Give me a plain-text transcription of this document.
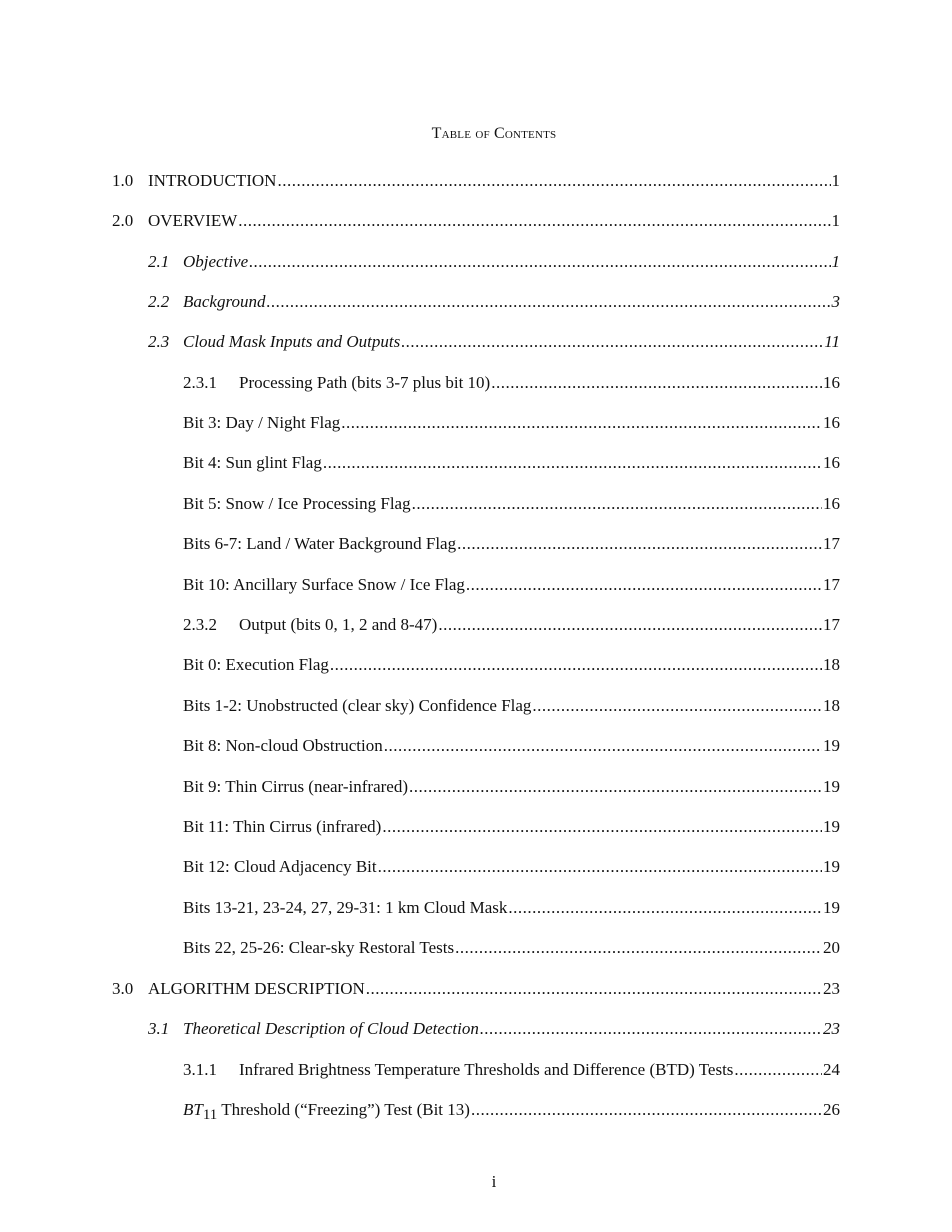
Table of Contents
1.0 INTRODUCTION .....	1
2.0 OVERVIEW .....	1
2.1 Objective .....	1
2.2 Background .....	3
2.3 Cloud Mask Inputs and Outputs .....	11
2.3.1	Processing Path (bits 3-7 plus bit 10) .....	16
Bit 3: Day / Night Flag .....	16
Bit 4: Sun glint Flag .....	16
Bit 5: Snow / Ice Processing Flag .....	16
Bits 6-7: Land / Water Background Flag .....	17
Bit 10: Ancillary Surface Snow / Ice Flag .....	17
2.3.2	Output (bits 0, 1, 2 and 8-47) .....	17
Bit 0: Execution Flag .....	18
Bits 1-2: Unobstructed (clear sky) Confidence Flag .....	18
Bit 8: Non-cloud Obstruction .....	19
Bit 9: Thin Cirrus (near-infrared) .....	19
Bit 11: Thin Cirrus (infrared) .....	19
Bit 12: Cloud Adjacency Bit .....	19
Bits 13-21, 23-24, 27, 29-31: 1 km Cloud Mask .....	19
Bits 22, 25-26: Clear-sky Restoral Tests .....	20
3.0 ALGORITHM DESCRIPTION .....	23
3.1 Theoretical Description of Cloud Detection .....	23
3.1.1	Infrared Brightness Temperature Thresholds and Difference (BTD) Tests .....	24
BT11 Threshold (“Freezing”) Test (Bit 13) .....	26

i
